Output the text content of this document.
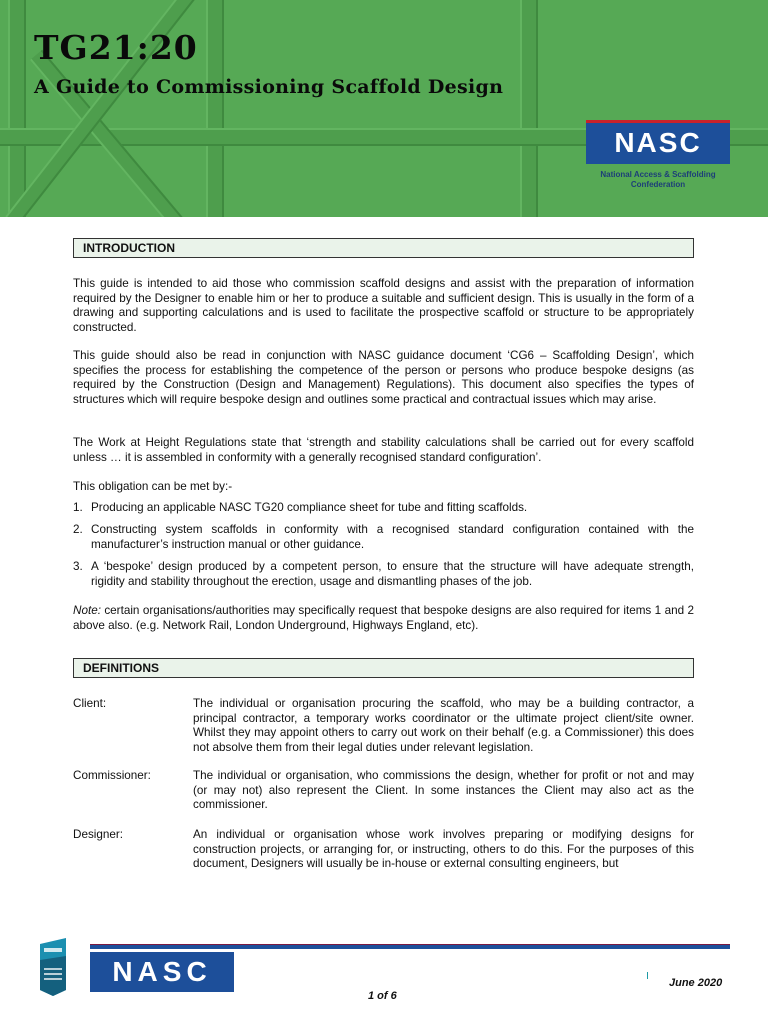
TG21:20
A Guide to Commissioning Scaffold Design
NASC
National Access & Scaffolding
Confederation
INTRODUCTION

This guide is intended to aid those who commission scaffold designs and assist with the preparation of information required by the Designer to enable him or her to produce a suitable and sufficient design. This is usually in the form of a drawing and supporting calculations and is used to facilitate the prospective scaffold or structure to be appropriately constructed.

This guide should also be read in conjunction with NASC guidance document ‘CG6 – Scaffolding Design’, which specifies the process for establishing the competence of the person or persons who produce bespoke designs (as required by the Construction (Design and Management) Regulations). This document also specifies the types of structures which will require bespoke design and outlines some practical and contractual issues which may arise.

The Work at Height Regulations state that ‘strength and stability calculations shall be carried out for every scaffold unless … it is assembled in conformity with a generally recognised standard configuration’.

This obligation can be met by:-

1. Producing an applicable NASC TG20 compliance sheet for tube and fitting scaffolds.
2. Constructing system scaffolds in conformity with a recognised standard configuration contained with the manufacturer’s instruction manual or other guidance.
3. A ‘bespoke’ design produced by a competent person, to ensure that the structure will have adequate strength, rigidity and stability throughout the erection, usage and dismantling phases of the job.

Note: certain organisations/authorities may specifically request that bespoke designs are also required for items 1 and 2 above also. (e.g. Network Rail, London Underground, Highways England, etc).

DEFINITIONS
Client:	The individual or organisation procuring the scaffold, who may be a building contractor, a principal contractor, a temporary works coordinator or the ultimate project client/site owner. Whilst they may appoint others to carry out work on their behalf (e.g. a Commissioner) this does not absolve them from their legal duties under relevant legislation.

Commissioner:	The individual or organisation, who commissions the design, whether for profit or not and may (or may not) also represent the Client. In some instances the Client may also act as the commissioner.

Designer:	An individual or organisation whose work involves preparing or modifying designs for construction projects, or arranging for, or instructing, others to do this. For the purposes of this document, Designers will usually be in-house or external consulting engineers, but

NASC	June 2020
1 of 6
